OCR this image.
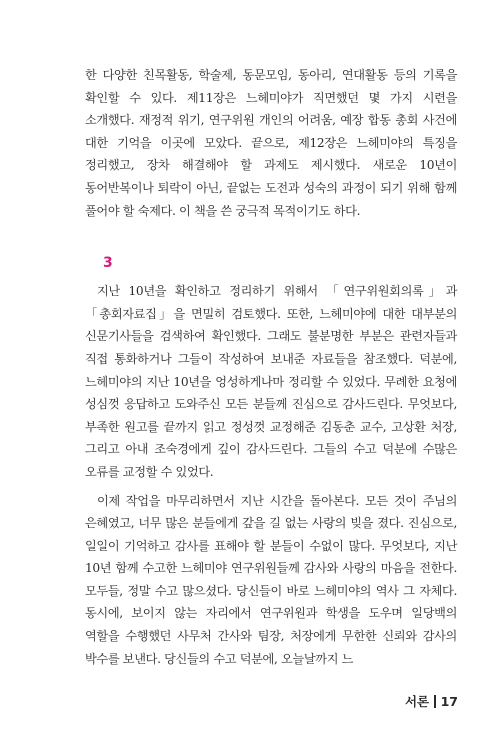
한 다양한 친목활동, 학술제, 동문모임, 동아리, 연대활동 등의 기록을 확인할 수 있다. 제11장은 느헤미야가 직면했던 몇 가지 시련을 소개했다. 재정적 위기, 연구위원 개인의 어려움, 예장 합동 총회 사건에 대한 기억을 이곳에 모았다. 끝으로, 제12장은 느헤미야의 특징을 정리했고, 장차 해결해야 할 과제도 제시했다. 새로운 10년이 동어반복이나 퇴락이 아닌, 끝없는 도전과 성숙의 과정이 되기 위해 함께 풀어야 할 숙제다. 이 책을 쓴 궁극적 목적이기도 하다.

3

지난 10년을 확인하고 정리하기 위해서 「연구위원회의록」과 「총회자료집」을 면밀히 검토했다. 또한, 느헤미야에 대한 대부분의 신문기사들을 검색하여 확인했다. 그래도 불분명한 부분은 관련자들과 직접 통화하거나 그들이 작성하여 보내준 자료들을 참조했다. 덕분에, 느헤미야의 지난 10년을 엉성하게나마 정리할 수 있었다. 무례한 요청에 성심껏 응답하고 도와주신 모든 분들께 진심으로 감사드린다. 무엇보다, 부족한 원고를 끝까지 읽고 정성껏 교정해준 김동춘 교수, 고상환 처장, 그리고 아내 조숙경에게 깊이 감사드린다. 그들의 수고 덕분에 수많은 오류를 교정할 수 있었다.

이제 작업을 마무리하면서 지난 시간을 돌아본다. 모든 것이 주님의 은혜였고, 너무 많은 분들에게 갚을 길 없는 사랑의 빚을 졌다. 진심으로, 일일이 기억하고 감사를 표해야 할 분들이 수없이 많다. 무엇보다, 지난 10년 함께 수고한 느헤미야 연구위원들께 감사와 사랑의 마음을 전한다. 모두들, 정말 수고 많으셨다. 당신들이 바로 느헤미야의 역사 그 자체다. 동시에, 보이지 않는 자리에서 연구위원과 학생을 도우며 일당백의 역할을 수행했던 사무처 간사와 팀장, 처장에게 무한한 신뢰와 감사의 박수를 보낸다. 당신들의 수고 덕분에, 오늘날까지 느

서론 17
